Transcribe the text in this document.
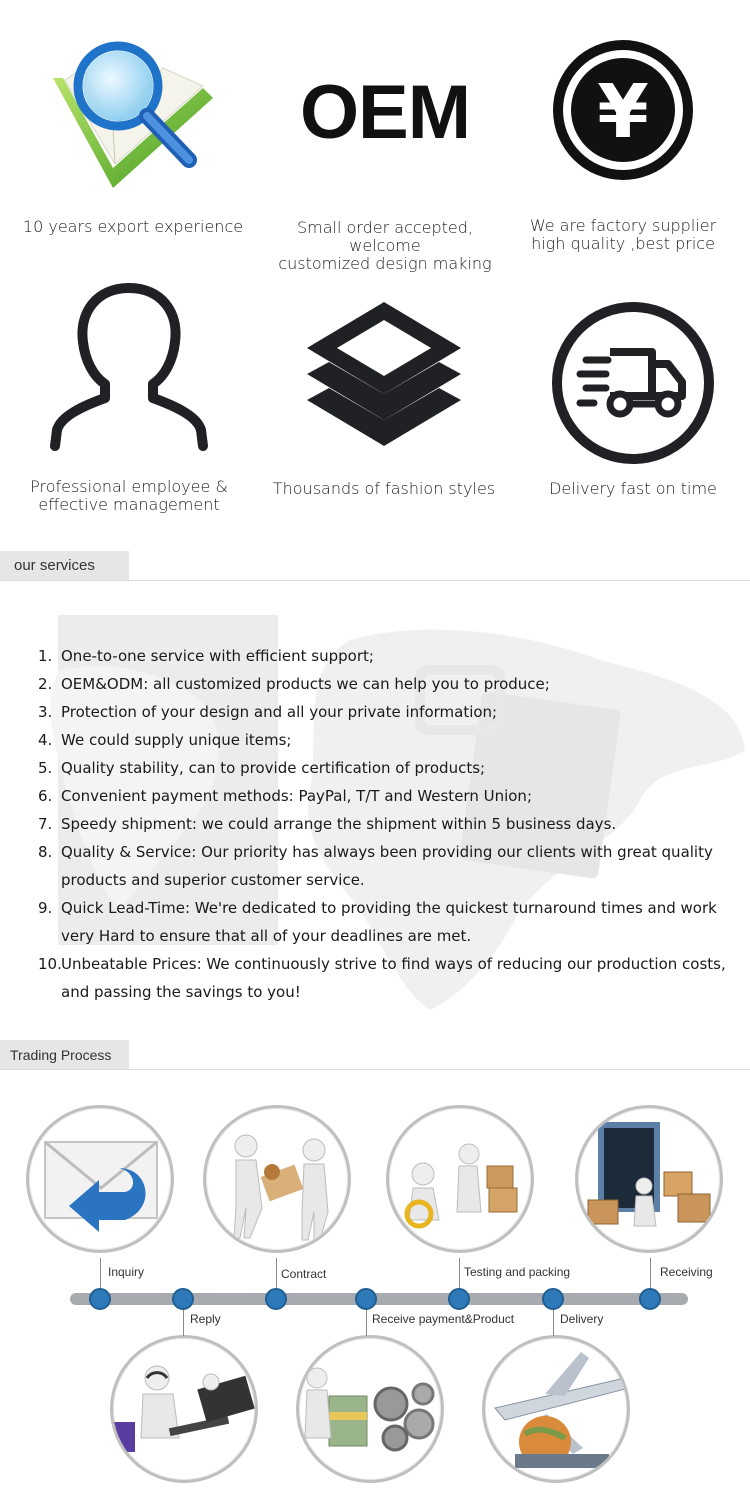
10 years export experience
OEM
Small order accepted, welcome
customized design making
¥
We are factory supplier
high quality ,best price
Professional employee &
effective management
Thousands of fashion styles	Delivery fast on time
our services
1. One-to-one service with efficient support;
2. OEM&ODM: all customized products we can help you to produce;
3. Protection of your design and all your private information;
4. We could supply unique items;
5. Quality stability, can to provide certification of products;
6. Convenient payment methods: PayPal, T/T and Western Union;
7. Speedy shipment: we could arrange the shipment within 5 business days.
8. Quality & Service: Our priority has always been providing our clients with great quality products and superior customer service.
9. Quick Lead-Time: We're dedicated to providing the quickest turnaround times and work very Hard to ensure that all of your deadlines are met.
10. Unbeatable Prices: We continuously strive to find ways of reducing our production costs, and passing the savings to you!
Trading Process
Inquiry
Reply
Contract
Receive payment&Product
Testing and packing
Delivery
Receiving
